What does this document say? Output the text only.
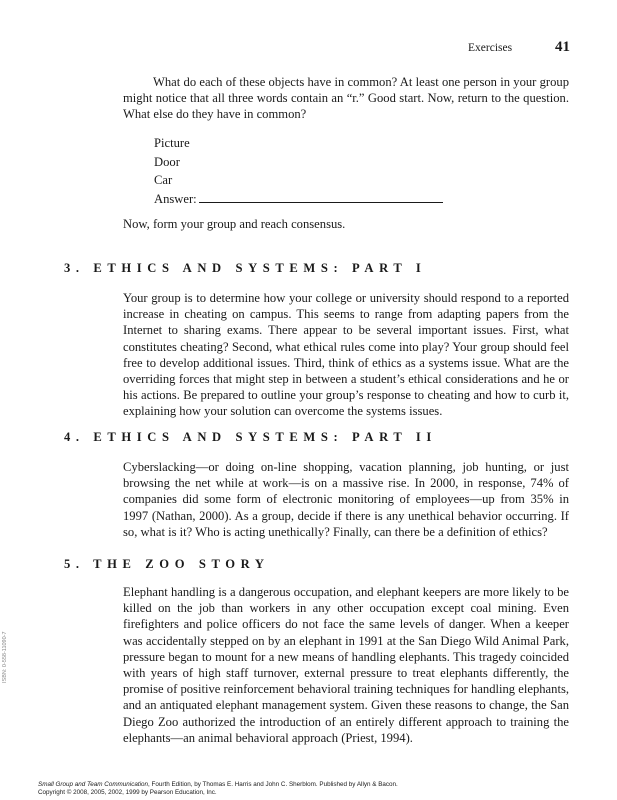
Exercises	41

What do each of these objects have in common? At least one person in your group might notice that all three words contain an “r.” Good start. Now, return to the question. What else do they have in common?

Picture
Door
Car
Answer:
Now, form your group and reach consensus.
3. ETHICS AND SYSTEMS: PART I

Your group is to determine how your college or university should respond to a reported increase in cheating on campus. This seems to range from adapting papers from the Internet to sharing exams. There appear to be several important issues. First, what constitutes cheating? Second, what ethical rules come into play? Your group should feel free to develop additional issues. Third, think of ethics as a systems issue. What are the overriding forces that might step in between a student’s ethical considerations and he or his actions. Be prepared to outline your group’s response to cheating and how to curb it, explaining how your solution can overcome the systems issues.

4. ETHICS AND SYSTEMS: PART II

Cyberslacking—or doing on-line shopping, vacation planning, job hunting, or just browsing the net while at work—is on a massive rise. In 2000, in response, 74% of companies did some form of electronic monitoring of employees—up from 35% in 1997 (Nathan, 2000). As a group, decide if there is any unethical behavior occurring. If so, what is it? Who is acting unethically? Finally, can there be a definition of ethics?

5. THE ZOO STORY

Elephant handling is a dangerous occupation, and elephant keepers are more likely to be killed on the job than workers in any other occupation except coal mining. Even firefighters and police officers do not face the same levels of danger. When a keeper was accidentally stepped on by an elephant in 1991 at the San Diego Wild Animal Park, pressure began to mount for a new means of handling elephants. This tragedy coincided with years of high staff turnover, external pressure to treat elephants differently, the promise of positive reinforcement behavioral training techniques for handling elephants, and an antiquated elephant management system. Given these reasons to change, the San Diego Zoo authorized the introduction of an entirely different approach to training the elephants—an animal behavioral approach (Priest, 1994).

ISBN: 0-558-11090-7
Small Group and Team Communication, Fourth Edition, by Thomas E. Harris and John C. Sherblom. Published by Allyn & Bacon.
Copyright © 2008, 2005, 2002, 1999 by Pearson Education, Inc.
